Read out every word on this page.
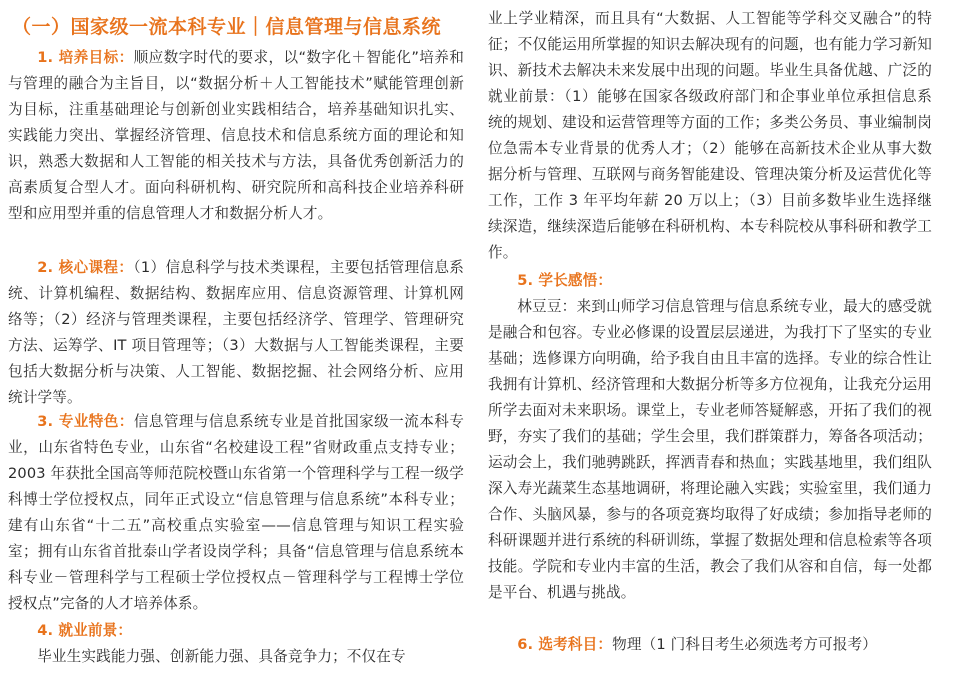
（一）国家级一流本科专业｜信息管理与信息系统
1. 培养目标：顺应数字时代的要求，以“数字化＋智能化”培养和与管理的融合为主旨目，以“数据分析＋人工智能技术”赋能管理创新为目标，注重基础理论与创新创业实践相结合，培养基础知识扎实、实践能力突出、掌握经济管理、信息技术和信息系统方面的理论和知识，熟悉大数据和人工智能的相关技术与方法，具备优秀创新活力的高素质复合型人才。面向科研机构、研究院所和高科技企业培养科研型和应用型并重的信息管理人才和数据分析人才。
2. 核心课程：（1）信息科学与技术类课程，主要包括管理信息系统、计算机编程、数据结构、数据库应用、信息资源管理、计算机网络等；（2）经济与管理类课程，主要包括经济学、管理学、管理研究方法、运筹学、IT 项目管理等；（3）大数据与人工智能类课程，主要包括大数据分析与决策、人工智能、数据挖掘、社会网络分析、应用统计学等。
3. 专业特色：信息管理与信息系统专业是首批国家级一流本科专业，山东省特色专业，山东省“名校建设工程”省财政重点支持专业；2003 年获批全国高等师范院校暨山东省第一个管理科学与工程一级学科博士学位授权点，同年正式设立“信息管理与信息系统”本科专业；建有山东省“十二五”高校重点实验室——信息管理与知识工程实验室；拥有山东省首批泰山学者设岗学科；具备“信息管理与信息系统本科专业－管理科学与工程硕士学位授权点－管理科学与工程博士学位授权点”完备的人才培养体系。
4. 就业前景：
毕业生实践能力强、创新能力强、具备竞争力；不仅在专
业上学业精深，而且具有“大数据、人工智能等学科交叉融合”的特征；不仅能运用所掌握的知识去解决现有的问题，也有能力学习新知识、新技术去解决未来发展中出现的问题。毕业生具备优越、广泛的就业前景：（1）能够在国家各级政府部门和企事业单位承担信息系统的规划、建设和运营管理等方面的工作；多类公务员、事业编制岗位急需本专业背景的优秀人才；（2）能够在高新技术企业从事大数据分析与管理、互联网与商务智能建设、管理决策分析及运营优化等工作，工作 3 年平均年薪 20 万以上；（3）目前多数毕业生选择继续深造，继续深造后能够在科研机构、本专科院校从事科研和教学工作。
5. 学长感悟：
林豆豆：来到山师学习信息管理与信息系统专业，最大的感受就是融合和包容。专业必修课的设置层层递进，为我打下了坚实的专业基础；选修课方向明确，给予我自由且丰富的选择。专业的综合性让我拥有计算机、经济管理和大数据分析等多方位视角，让我充分运用所学去面对未来职场。课堂上，专业老师答疑解惑，开拓了我们的视野，夯实了我们的基础；学生会里，我们群策群力，筹备各项活动；运动会上，我们驰骋跳跃，挥洒青春和热血；实践基地里，我们组队深入寿光蔬菜生态基地调研，将理论融入实践；实验室里，我们通力合作、头脑风暴，参与的各项竞赛均取得了好成绩；参加指导老师的科研课题并进行系统的科研训练，掌握了数据处理和信息检索等各项技能。学院和专业内丰富的生活，教会了我们从容和自信，每一处都是平台、机遇与挑战。
6. 选考科目：物理（1 门科目考生必须选考方可报考）
